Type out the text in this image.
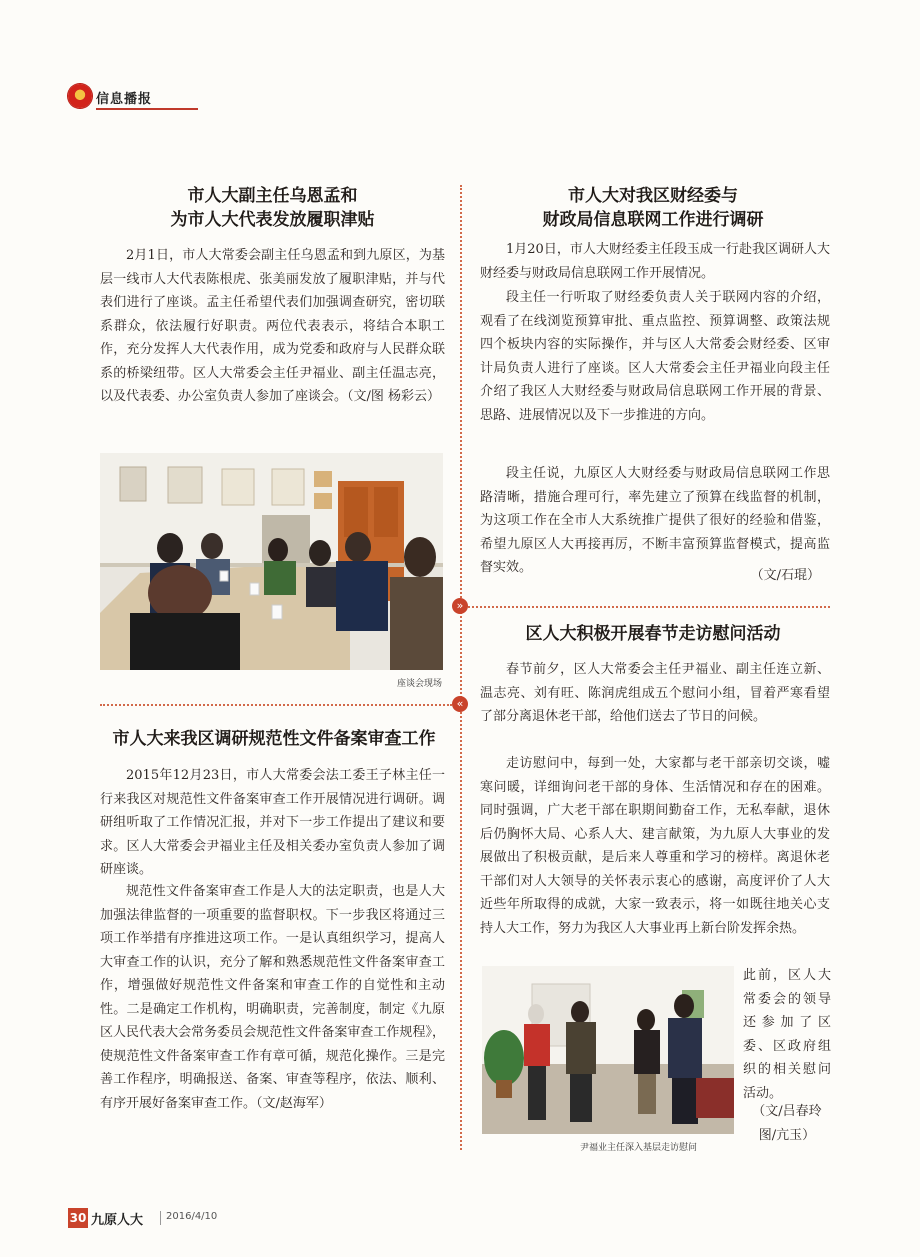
信息播报
»
«
市人大副主任乌恩孟和
为市人大代表发放履职津贴

2月1日，市人大常委会副主任乌恩孟和到九原区，为基层一线市人大代表陈根虎、张美丽发放了履职津贴，并与代表们进行了座谈。孟主任希望代表们加强调查研究，密切联系群众，依法履行好职责。两位代表表示，将结合本职工作，充分发挥人大代表作用，成为党委和政府与人民群众联系的桥梁纽带。区人大常委会主任尹福业、副主任温志亮，以及代表委、办公室负责人参加了座谈会。（文/图 杨彩云）

座谈会现场
市人大来我区调研规范性文件备案审查工作

2015年12月23日，市人大常委会法工委王子林主任一行来我区对规范性文件备案审查工作开展情况进行调研。调研组听取了工作情况汇报，并对下一步工作提出了建议和要求。区人大常委会尹福业主任及相关委办室负责人参加了调研座谈。

规范性文件备案审查工作是人大的法定职责，也是人大加强法律监督的一项重要的监督职权。下一步我区将通过三项工作举措有序推进这项工作。一是认真组织学习，提高人大审查工作的认识，充分了解和熟悉规范性文件备案审查工作，增强做好规范性文件备案和审查工作的自觉性和主动性。二是确定工作机构，明确职责，完善制度，制定《九原区人民代表大会常务委员会规范性文件备案审查工作规程》，使规范性文件备案审查工作有章可循，规范化操作。三是完善工作程序，明确报送、备案、审查等程序，依法、顺利、有序开展好备案审查工作。（文/赵海军）

市人大对我区财经委与
财政局信息联网工作进行调研

1月20日，市人大财经委主任段玉成一行赴我区调研人大财经委与财政局信息联网工作开展情况。

段主任一行听取了财经委负责人关于联网内容的介绍，观看了在线浏览预算审批、重点监控、预算调整、政策法规四个板块内容的实际操作，并与区人大常委会财经委、区审计局负责人进行了座谈。区人大常委会主任尹福业向段主任介绍了我区人大财经委与财政局信息联网工作开展的背景、思路、进展情况以及下一步推进的方向。

段主任说，九原区人大财经委与财政局信息联网工作思路清晰，措施合理可行，率先建立了预算在线监督的机制，为这项工作在全市人大系统推广提供了很好的经验和借鉴，希望九原区人大再接再厉，不断丰富预算监督模式，提高监督实效。

（文/石琨）

区人大积极开展春节走访慰问活动

春节前夕，区人大常委会主任尹福业、副主任连立新、温志亮、刘有旺、陈润虎组成五个慰问小组，冒着严寒看望了部分离退休老干部，给他们送去了节日的问候。

走访慰问中，每到一处，大家都与老干部亲切交谈，嘘寒问暖，详细询问老干部的身体、生活情况和存在的困难。同时强调，广大老干部在职期间勤奋工作，无私奉献，退休后仍胸怀大局、心系人大、建言献策，为九原人大事业的发展做出了积极贡献，是后来人尊重和学习的榜样。离退休老干部们对人大领导的关怀表示衷心的感谢，高度评价了人大近些年所取得的成就，大家一致表示，将一如既往地关心支持人大工作，努力为我区人大事业再上新台阶发挥余热。

尹福业主任深入基层走访慰问

此前，区人大常委会的领导还参加了区委、区政府组织的相关慰问活动。

（文/吕春玲
图/亢玉）
30 九原人大 2016/4/10
